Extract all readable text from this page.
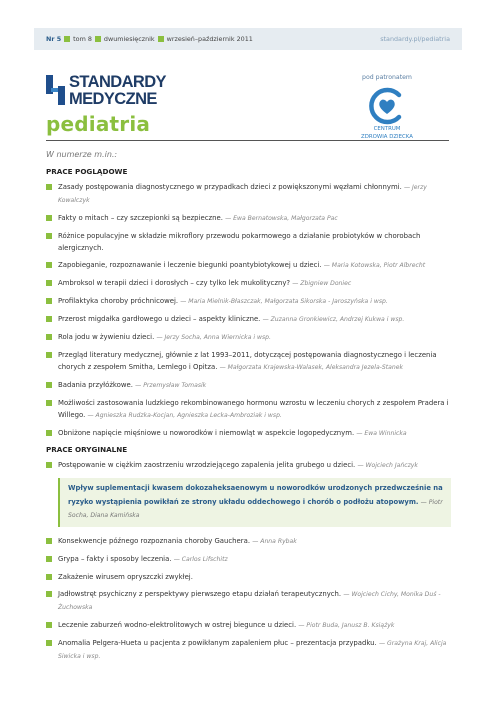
Nr 5 tom 8 dwumiesięcznik wrzesień–październik 2011	standardy.pl/pediatria
STANDARDY
MEDYCZNE
pediatria
pod patronatem
CENTRUM
ZDROWIA DZIECKA
W numerze m.in.:
PRACE POGLĄDOWE
Zasady postępowania diagnostycznego w przypadkach dzieci z powiększonymi węzłami chłonnymi. — Jerzy Kowalczyk
Fakty o mitach – czy szczepionki są bezpieczne. — Ewa Bernatowska, Małgorzata Pac
Różnice populacyjne w składzie mikroflory przewodu pokarmowego a działanie probiotyków w chorobach alergicznych.
Zapobieganie, rozpoznawanie i leczenie biegunki poantybiotykowej u dzieci. — Maria Kotowska, Piotr Albrecht
Ambroksol w terapii dzieci i dorosłych – czy tylko lek mukolityczny? — Zbigniew Doniec
Profilaktyka choroby próchnicowej. — Maria Mielnik-Błaszczak, Małgorzata Sikorska - Jaroszyńska i wsp.
Przerost migdałka gardłowego u dzieci – aspekty kliniczne. — Zuzanna Gronkiewicz, Andrzej Kukwa i wsp.
Rola jodu w żywieniu dzieci. — Jerzy Socha, Anna Wiernicka i wsp.
Przegląd literatury medycznej, głównie z lat 1993–2011, dotyczącej postępowania diagnostycznego i leczenia chorych z zespołem Smitha, Lemlego i Opitza. — Małgorzata Krajewska-Walasek, Aleksandra Jezela-Stanek
Badania przyłóżkowe. — Przemysław Tomasik
Możliwości zastosowania ludzkiego rekombinowanego hormonu wzrostu w leczeniu chorych z zespołem Pradera i Willego. — Agnieszka Rudzka-Kocjan, Agnieszka Lecka-Ambroziak i wsp.
Obniżone napięcie mięśniowe u noworodków i niemowląt w aspekcie logopedycznym. — Ewa Winnicka
PRACE ORYGINALNE
Postępowanie w ciężkim zaostrzeniu wrzodziejącego zapalenia jelita grubego u dzieci. — Wojciech Jańczyk
Wpływ suplementacji kwasem dokozaheksaenowym u noworodków urodzonych przedwcześnie na ryzyko wystąpienia powikłań ze strony układu oddechowego i chorób o podłożu atopowym. — Piotr Socha, Diana Kamińska
Konsekwencje późnego rozpoznania choroby Gauchera. — Anna Rybak
Grypa – fakty i sposoby leczenia. — Carlos Lifschitz
Zakażenie wirusem opryszczki zwykłej.
Jadłowstręt psychiczny z perspektywy pierwszego etapu działań terapeutycznych. — Wojciech Cichy, Monika Duś - Żuchowska
Leczenie zaburzeń wodno-elektrolitowych w ostrej biegunce u dzieci. — Piotr Buda, Janusz B. Książyk
Anomalia Pelgera-Hueta u pacjenta z powikłanym zapaleniem płuc – prezentacja przypadku. — Grażyna Kraj, Alicja Siwicka i wsp.
